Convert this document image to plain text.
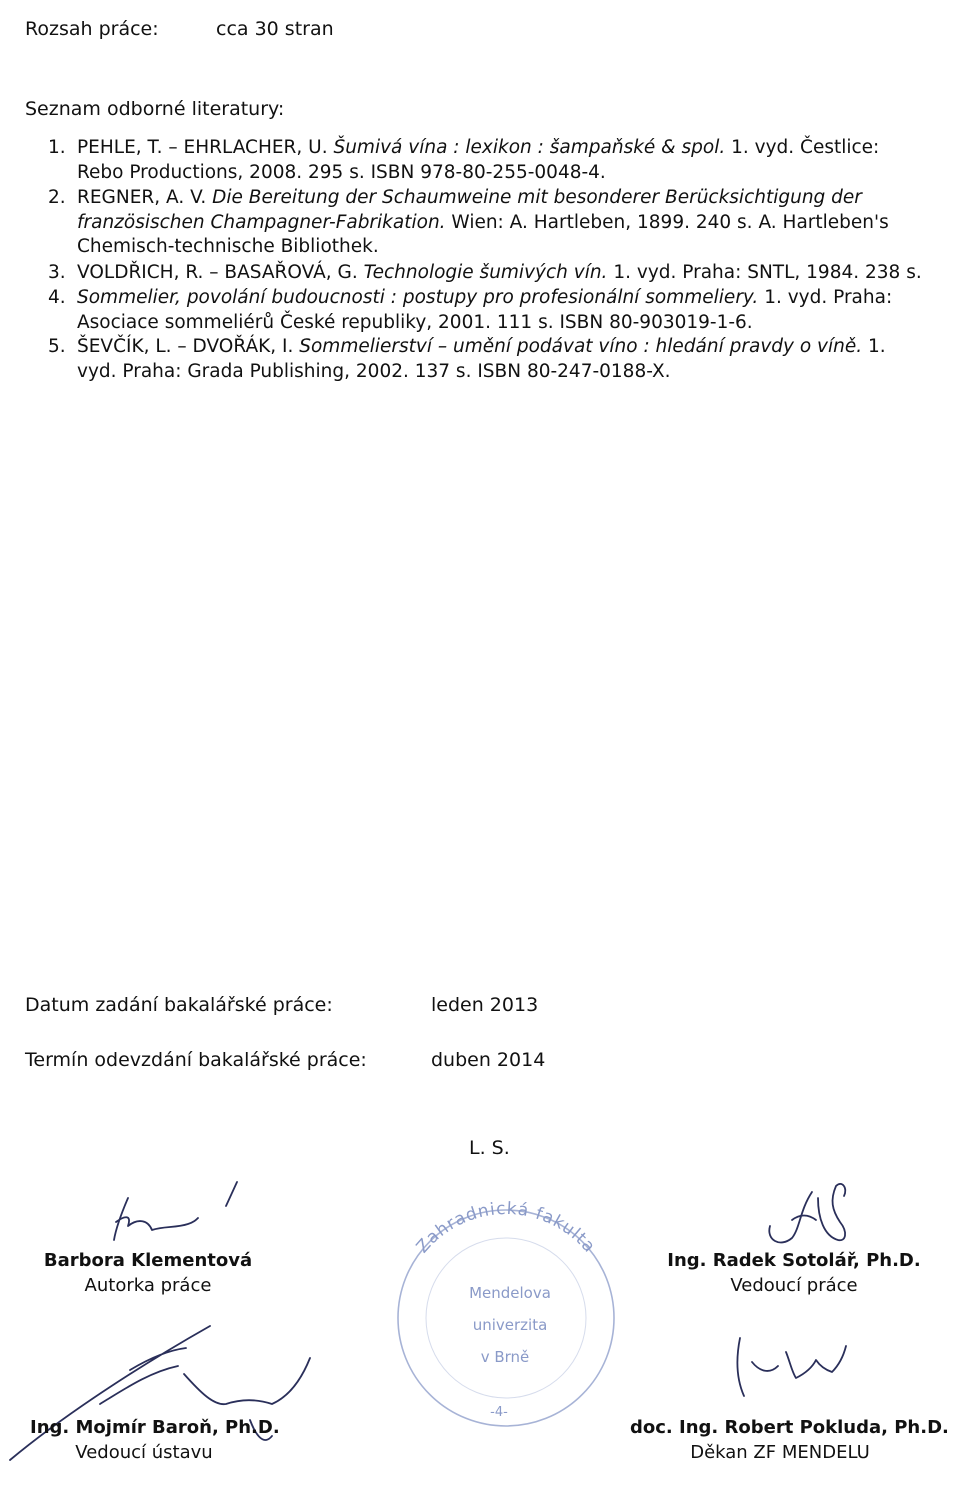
Rozsah práce:	cca 30 stran
Seznam odborné literatury:
1. PEHLE, T. – EHRLACHER, U. Šumivá vína : lexikon : šampaňské & spol. 1. vyd. Čestlice: Rebo Productions, 2008. 295 s. ISBN 978-80-255-0048-4.
2. REGNER, A. V. Die Bereitung der Schaumweine mit besonderer Berücksichtigung der französischen Champagner-Fabrikation. Wien: A. Hartleben, 1899. 240 s. A. Hartleben's Chemisch-technische Bibliothek.
3. VOLDŘICH, R. – BASAŘOVÁ, G. Technologie šumivých vín. 1. vyd. Praha: SNTL, 1984. 238 s.
4. Sommelier, povolání budoucnosti : postupy pro profesionální sommeliery. 1. vyd. Praha: Asociace sommeliérů České republiky, 2001. 111 s. ISBN 80-903019-1-6.
5. ŠEVČÍK, L. – DVOŘÁK, I. Sommelierství – umění podávat víno : hledání pravdy o víně. 1. vyd. Praha: Grada Publishing, 2002. 137 s. ISBN 80-247-0188-X.
Datum zadání bakalářské práce:	leden 2013
Termín odevzdání bakalářské práce:	duben 2014
L. S.
Zahradnická fakulta
Mendelova
univerzita
v Brně
-4-
Barbora Klementová
Autorka práce
Ing. Radek Sotolář, Ph.D.
Vedoucí práce
Ing. Mojmír Baroň, Ph.D.
Vedoucí ústavu
doc. Ing. Robert Pokluda, Ph.D.
Děkan ZF MENDELU
